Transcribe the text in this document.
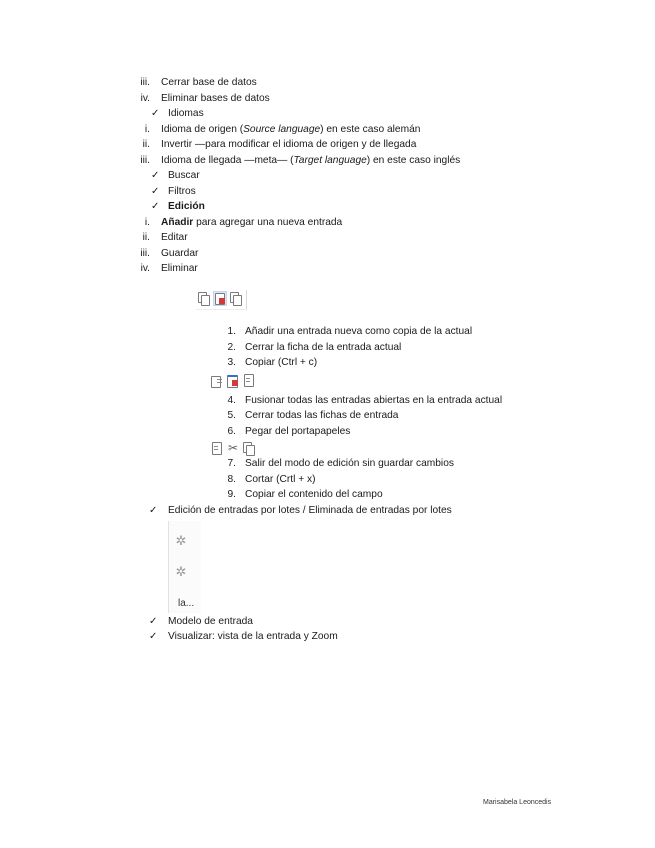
iii. Cerrar base de datos
iv. Eliminar bases de datos
✓ Idiomas
i. Idioma de origen (Source language) en este caso alemán
ii. Invertir —para modificar el idioma de origen y de llegada
iii. Idioma de llegada —meta— (Target language) en este caso inglés
✓ Buscar
✓ Filtros
✓ Edición
i. Añadir para agregar una nueva entrada
ii. Editar
iii. Guardar
iv. Eliminar
1. Añadir una entrada nueva como copia de la actual
2. Cerrar la ficha de la entrada actual
3. Copiar (Ctrl + c)
4. Fusionar todas las entradas abiertas en la entrada actual
5. Cerrar todas las fichas de entrada
6. Pegar del portapapeles
✂
7. Salir del modo de edición sin guardar cambios
8. Cortar (Crtl + x)
9. Copiar el contenido del campo
✓ Edición de entradas por lotes / Eliminada de entradas por lotes
✲
✲
la...
✓ Modelo de entrada
✓ Visualizar: vista de la entrada y Zoom
Marisabela Leoncedis
